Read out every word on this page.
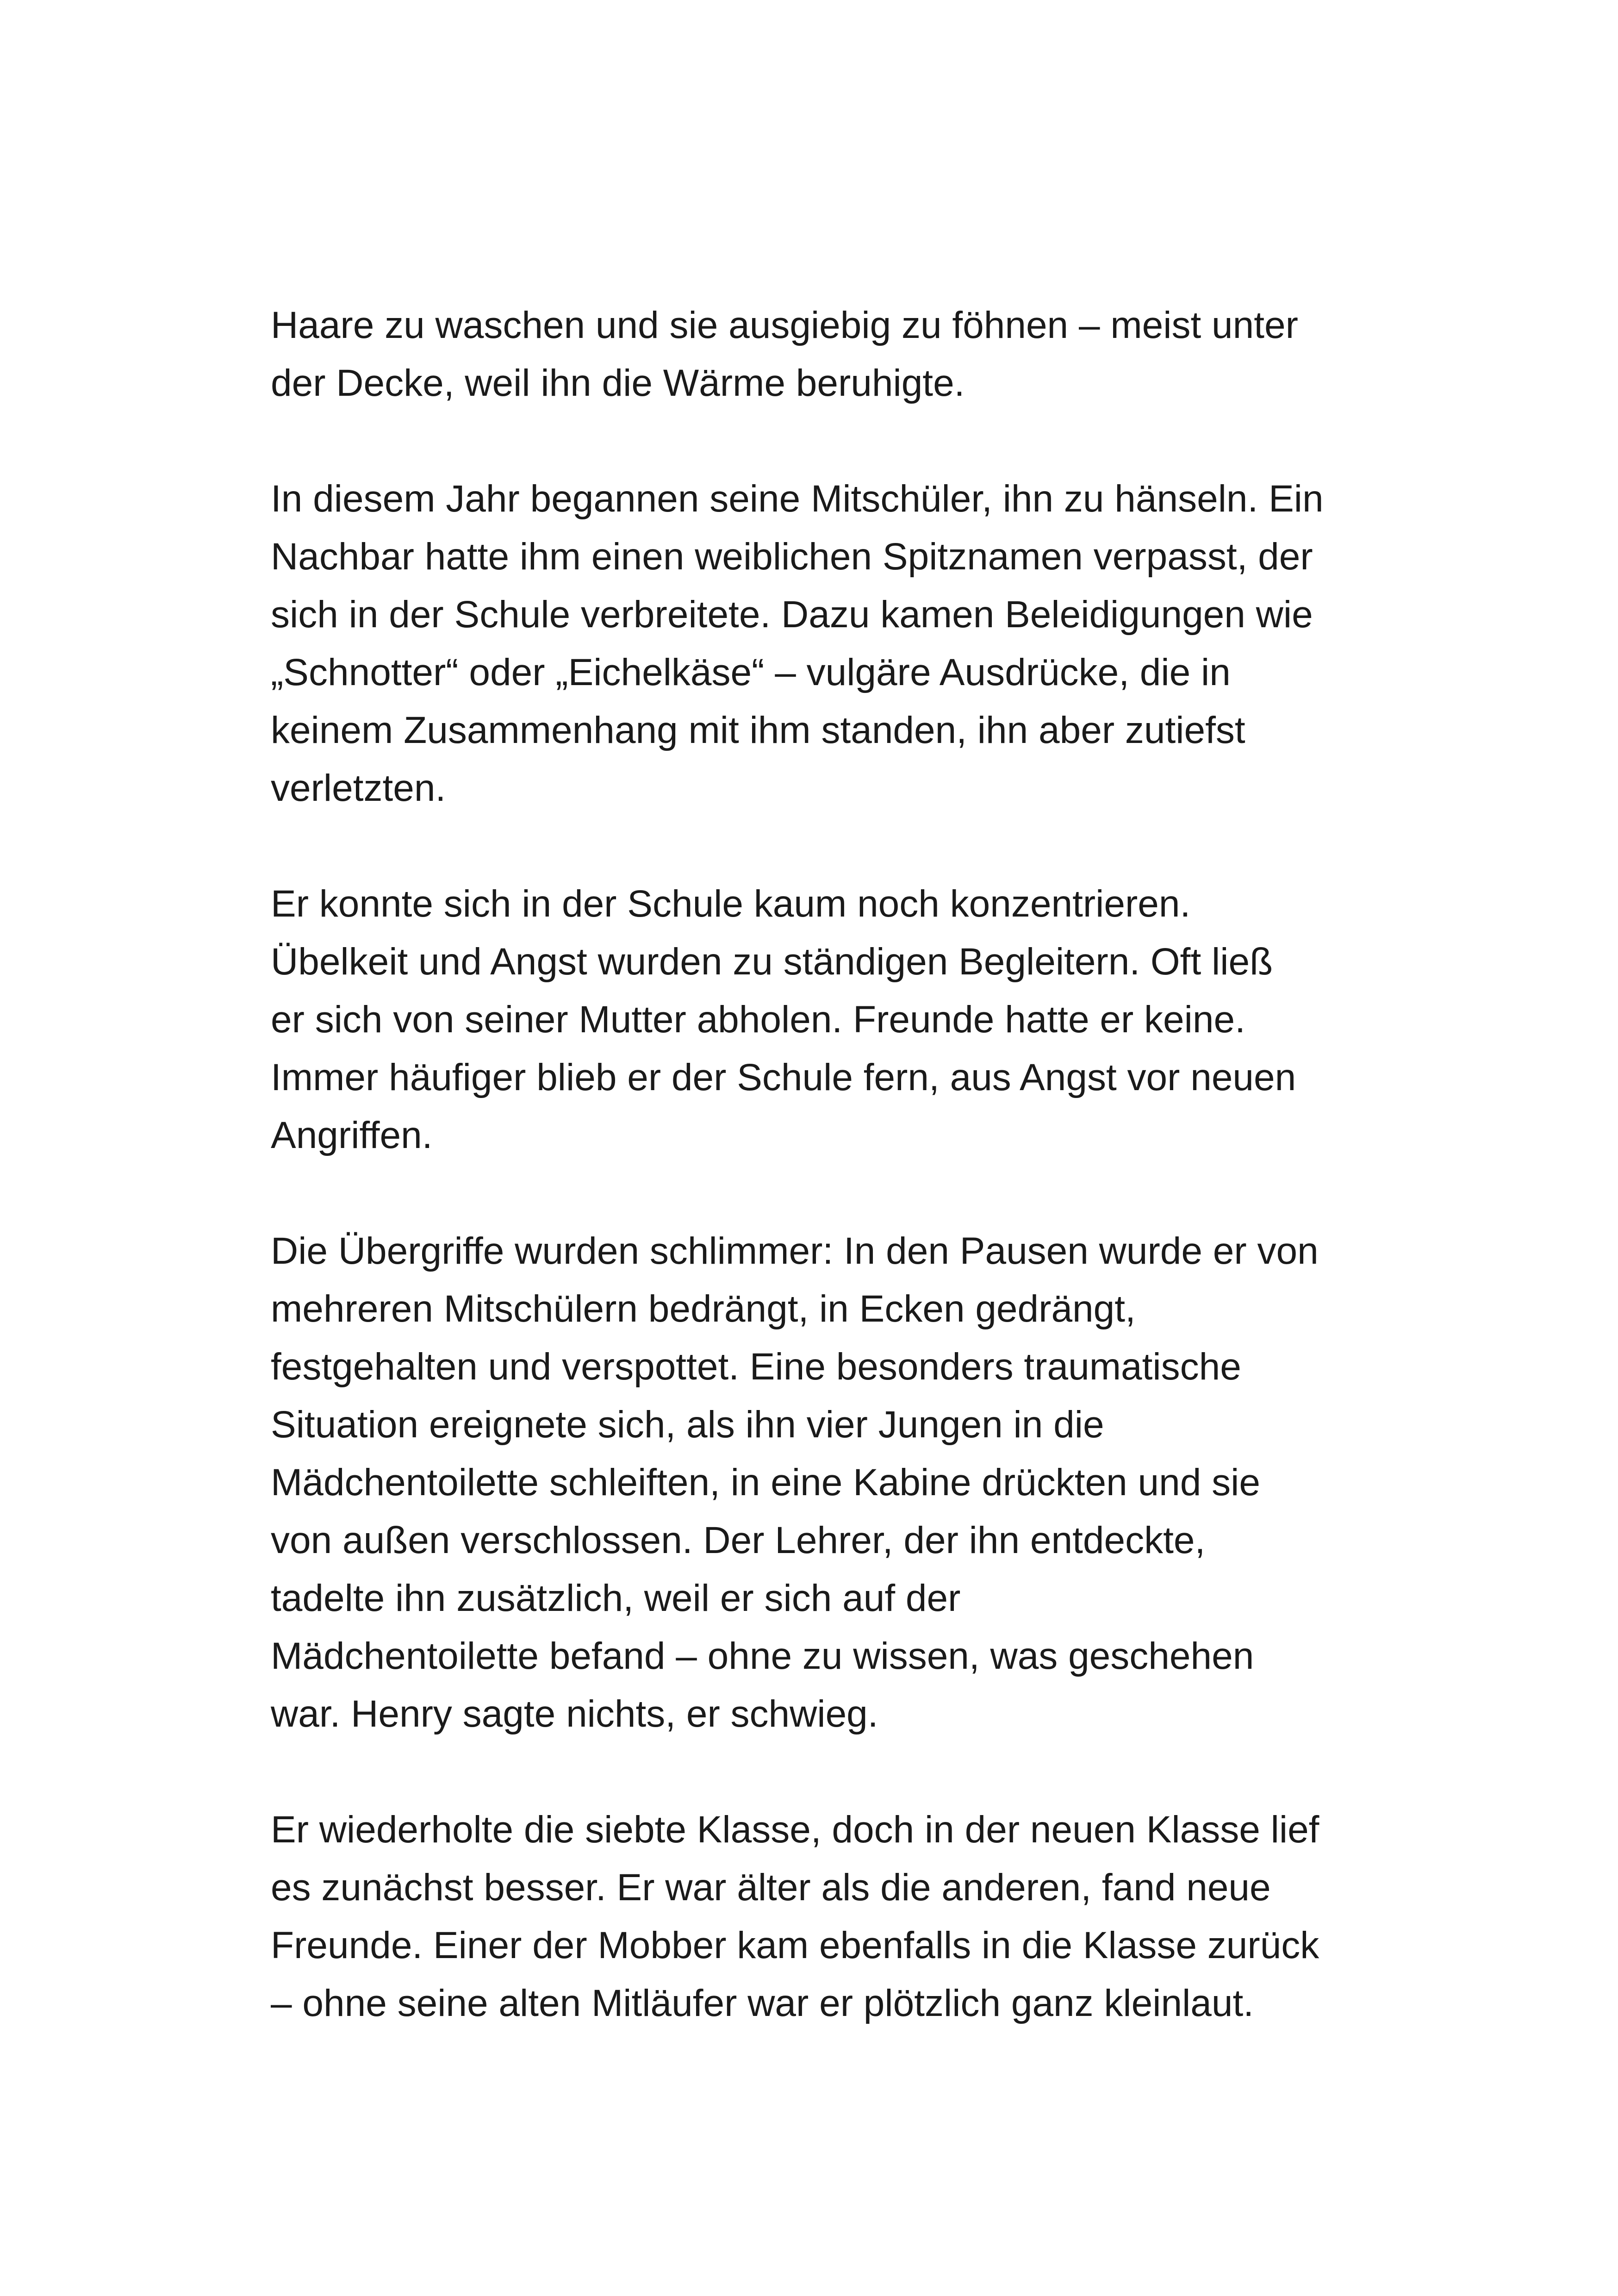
Haare zu waschen und sie ausgiebig zu föhnen – meist unter
der Decke, weil ihn die Wärme beruhigte.

In diesem Jahr begannen seine Mitschüler, ihn zu hänseln. Ein
Nachbar hatte ihm einen weiblichen Spitznamen verpasst, der
sich in der Schule verbreitete. Dazu kamen Beleidigungen wie
„Schnotter“ oder „Eichelkäse“ – vulgäre Ausdrücke, die in
keinem Zusammenhang mit ihm standen, ihn aber zutiefst
verletzten.

Er konnte sich in der Schule kaum noch konzentrieren.
Übelkeit und Angst wurden zu ständigen Begleitern. Oft ließ
er sich von seiner Mutter abholen. Freunde hatte er keine.
Immer häufiger blieb er der Schule fern, aus Angst vor neuen
Angriffen.

Die Übergriffe wurden schlimmer: In den Pausen wurde er von
mehreren Mitschülern bedrängt, in Ecken gedrängt,
festgehalten und verspottet. Eine besonders traumatische
Situation ereignete sich, als ihn vier Jungen in die
Mädchentoilette schleiften, in eine Kabine drückten und sie
von außen verschlossen. Der Lehrer, der ihn entdeckte,
tadelte ihn zusätzlich, weil er sich auf der
Mädchentoilette befand – ohne zu wissen, was geschehen
war. Henry sagte nichts, er schwieg.

Er wiederholte die siebte Klasse, doch in der neuen Klasse lief
es zunächst besser. Er war älter als die anderen, fand neue
Freunde. Einer der Mobber kam ebenfalls in die Klasse zurück
– ohne seine alten Mitläufer war er plötzlich ganz kleinlaut.
